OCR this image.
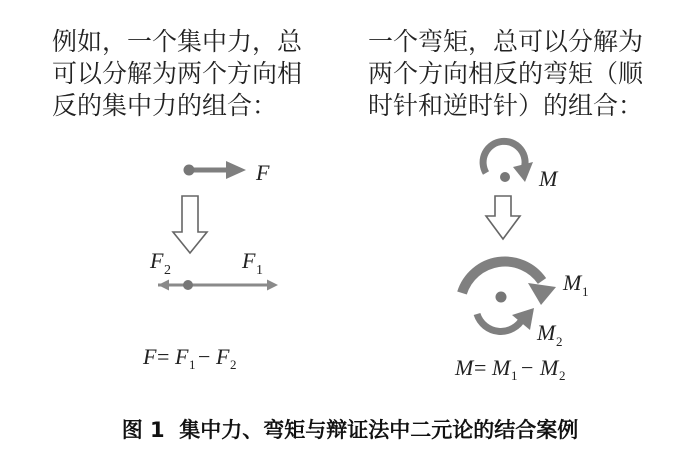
例如，一个集中力，总
可以分解为两个方向相
反的集中力的组合：
一个弯矩，总可以分解为
两个方向相反的弯矩（顺
时针和逆时针）的组合：
F
F 2	F 1
F = F 1 − F 2
M
M 1
M 2
M = M 1 − M 2
图 1  集中力、弯矩与辩证法中二元论的结合案例
